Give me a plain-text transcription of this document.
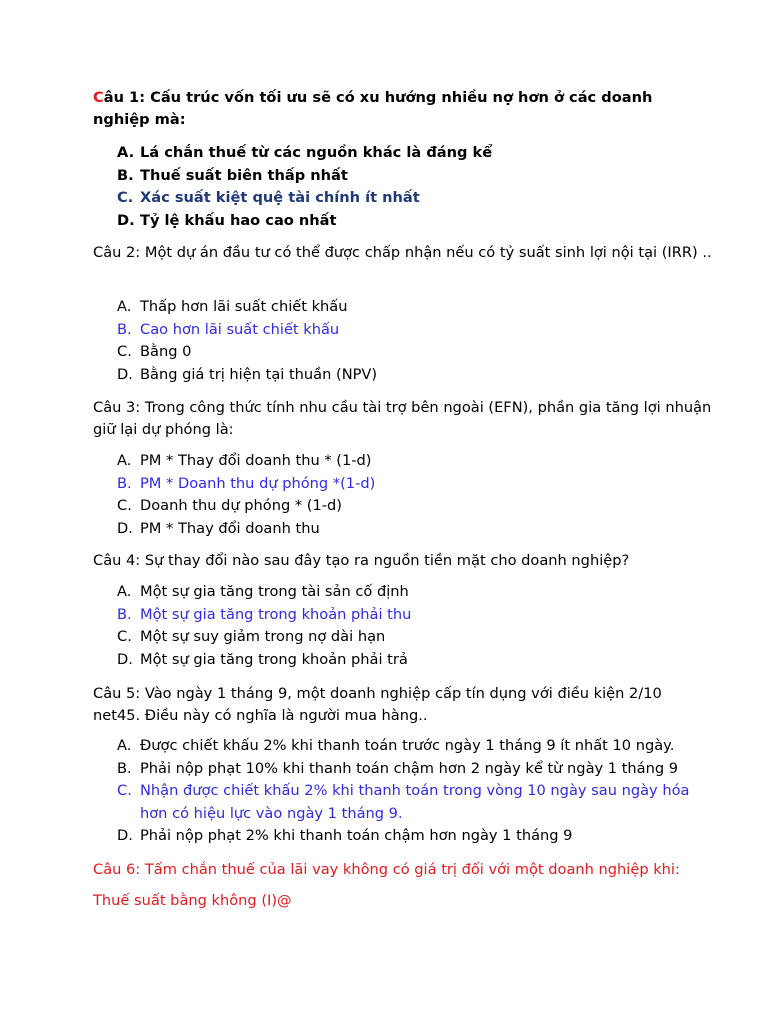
Câu 1: Cấu trúc vốn tối ưu sẽ có xu hướng nhiều nợ hơn ở các doanh nghiệp mà:
A. Lá chắn thuế từ các nguồn khác là đáng kể
B. Thuế suất biên thấp nhất
C. Xác suất kiệt quệ tài chính ít nhất
D. Tỷ lệ khấu hao cao nhất
Câu 2: Một dự án đầu tư có thể được chấp nhận nếu có tỷ suất sinh lợi nội tại (IRR) ..
A. Thấp hơn lãi suất chiết khấu
B. Cao hơn lãi suất chiết khấu
C. Bằng 0
D. Bằng giá trị hiện tại thuần (NPV)
Câu 3: Trong công thức tính nhu cầu tài trợ bên ngoài (EFN), phần gia tăng lợi nhuận giữ lại dự phóng là:
A. PM * Thay đổi doanh thu * (1-d)
B. PM * Doanh thu dự phóng *(1-d)
C. Doanh thu dự phóng * (1-d)
D. PM * Thay đổi doanh thu
Câu 4: Sự thay đổi nào sau đây tạo ra nguồn tiền mặt cho doanh nghiệp?
A. Một sự gia tăng trong tài sản cố định
B. Một sự gia tăng trong khoản phải thu
C. Một sự suy giảm trong nợ dài hạn
D. Một sự gia tăng trong khoản phải trả
Câu 5: Vào ngày 1 tháng 9, một doanh nghiệp cấp tín dụng với điều kiện 2/10 net45. Điều này có nghĩa là người mua hàng..
A. Được chiết khấu 2% khi thanh toán trước ngày 1 tháng 9 ít nhất 10 ngày.
B. Phải nộp phạt 10% khi thanh toán chậm hơn 2 ngày kể từ ngày 1 tháng 9
C. Nhận được chiết khấu 2% khi thanh toán trong vòng 10 ngày sau ngày hóa hơn có hiệu lực vào ngày 1 tháng 9.
D. Phải nộp phạt 2% khi thanh toán chậm hơn ngày 1 tháng 9
Câu 6: Tấm chắn thuế của lãi vay không có giá trị đối với một doanh nghiệp khi:
Thuế suất bằng không (I)@
